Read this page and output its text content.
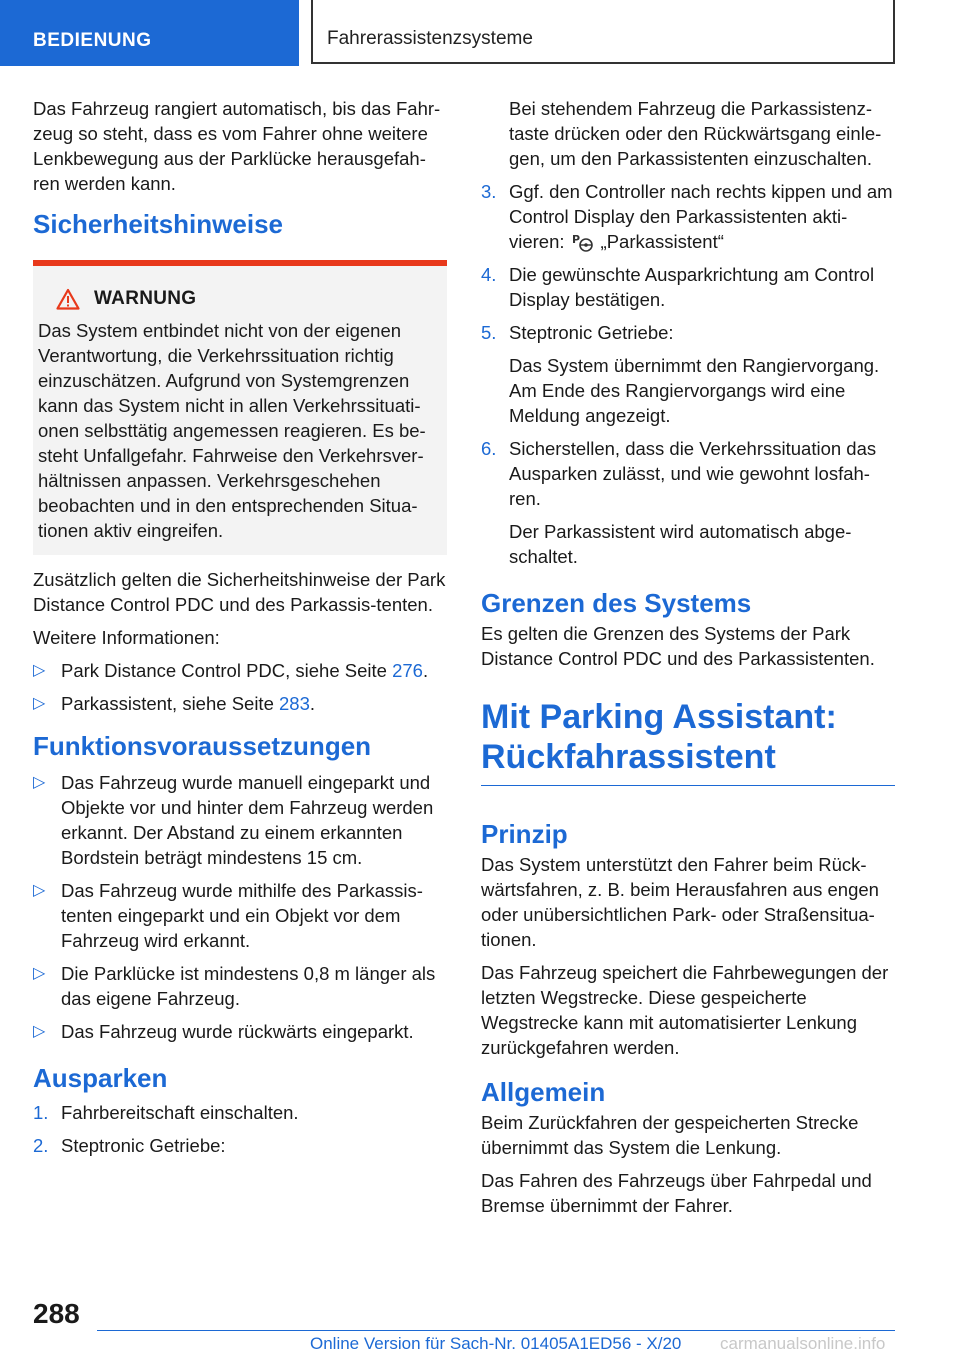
BEDIENUNG	Fahrerassistenzsysteme

Das Fahrzeug rangiert automatisch, bis das Fahr-zeug so steht, dass es vom Fahrer ohne weitere Lenkbewegung aus der Parklücke herausgefah-ren werden kann.

Sicherheitshinweise
WARNUNG

Das System entbindet nicht von der eigenen Verantwortung, die Verkehrssituation richtig einzuschätzen. Aufgrund von Systemgrenzen kann das System nicht in allen Verkehrssituati-onen selbsttätig angemessen reagieren. Es be-steht Unfallgefahr. Fahrweise den Verkehrsver-hältnissen anpassen. Verkehrsgeschehen beobachten und in den entsprechenden Situa-tionen aktiv eingreifen.

Zusätzlich gelten die Sicherheitshinweise der Park Distance Control PDC und des Parkassis-tenten.

Weitere Informationen:

▷ Park Distance Control PDC, siehe Seite 276.
▷ Parkassistent, siehe Seite 283.
Funktionsvoraussetzungen
▷ Das Fahrzeug wurde manuell eingeparkt und Objekte vor und hinter dem Fahrzeug werden erkannt. Der Abstand zu einem erkannten Bordstein beträgt mindestens 15 cm.
▷ Das Fahrzeug wurde mithilfe des Parkassis-tenten eingeparkt und ein Objekt vor dem Fahrzeug wird erkannt.
▷ Die Parklücke ist mindestens 0,8 m länger als das eigene Fahrzeug.
▷ Das Fahrzeug wurde rückwärts eingeparkt.
Ausparken
1. Fahrbereitschaft einschalten.
2. Steptronic Getriebe:

Bei stehendem Fahrzeug die Parkassistenz-taste drücken oder den Rückwärtsgang einle-gen, um den Parkassistenten einzuschalten.

3. Ggf. den Controller nach rechts kippen und am Control Display den Parkassistenten akti-vieren: P „Parkassistent“
4. Die gewünschte Ausparkrichtung am Control Display bestätigen.
5. Steptronic Getriebe:
Das System übernimmt den Rangiervorgang. Am Ende des Rangiervorgangs wird eine Meldung angezeigt.
6. Sicherstellen, dass die Verkehrssituation das Ausparken zulässt, und wie gewohnt losfah-ren.
Der Parkassistent wird automatisch abge-schaltet.
Grenzen des Systems

Es gelten die Grenzen des Systems der Park Distance Control PDC und des Parkassistenten.

Mit Parking Assistant:
Rückfahrassistent
Prinzip

Das System unterstützt den Fahrer beim Rück-wärtsfahren, z. B. beim Herausfahren aus engen oder unübersichtlichen Park- oder Straßensitua-tionen.

Das Fahrzeug speichert die Fahrbewegungen der letzten Wegstrecke. Diese gespeicherte Wegstrecke kann mit automatisierter Lenkung zurückgefahren werden.

Allgemein

Beim Zurückfahren der gespeicherten Strecke übernimmt das System die Lenkung.

Das Fahren des Fahrzeugs über Fahrpedal und Bremse übernimmt der Fahrer.

288
Online Version für Sach-Nr. 01405A1ED56 - X/20 carmanualsonline.info
